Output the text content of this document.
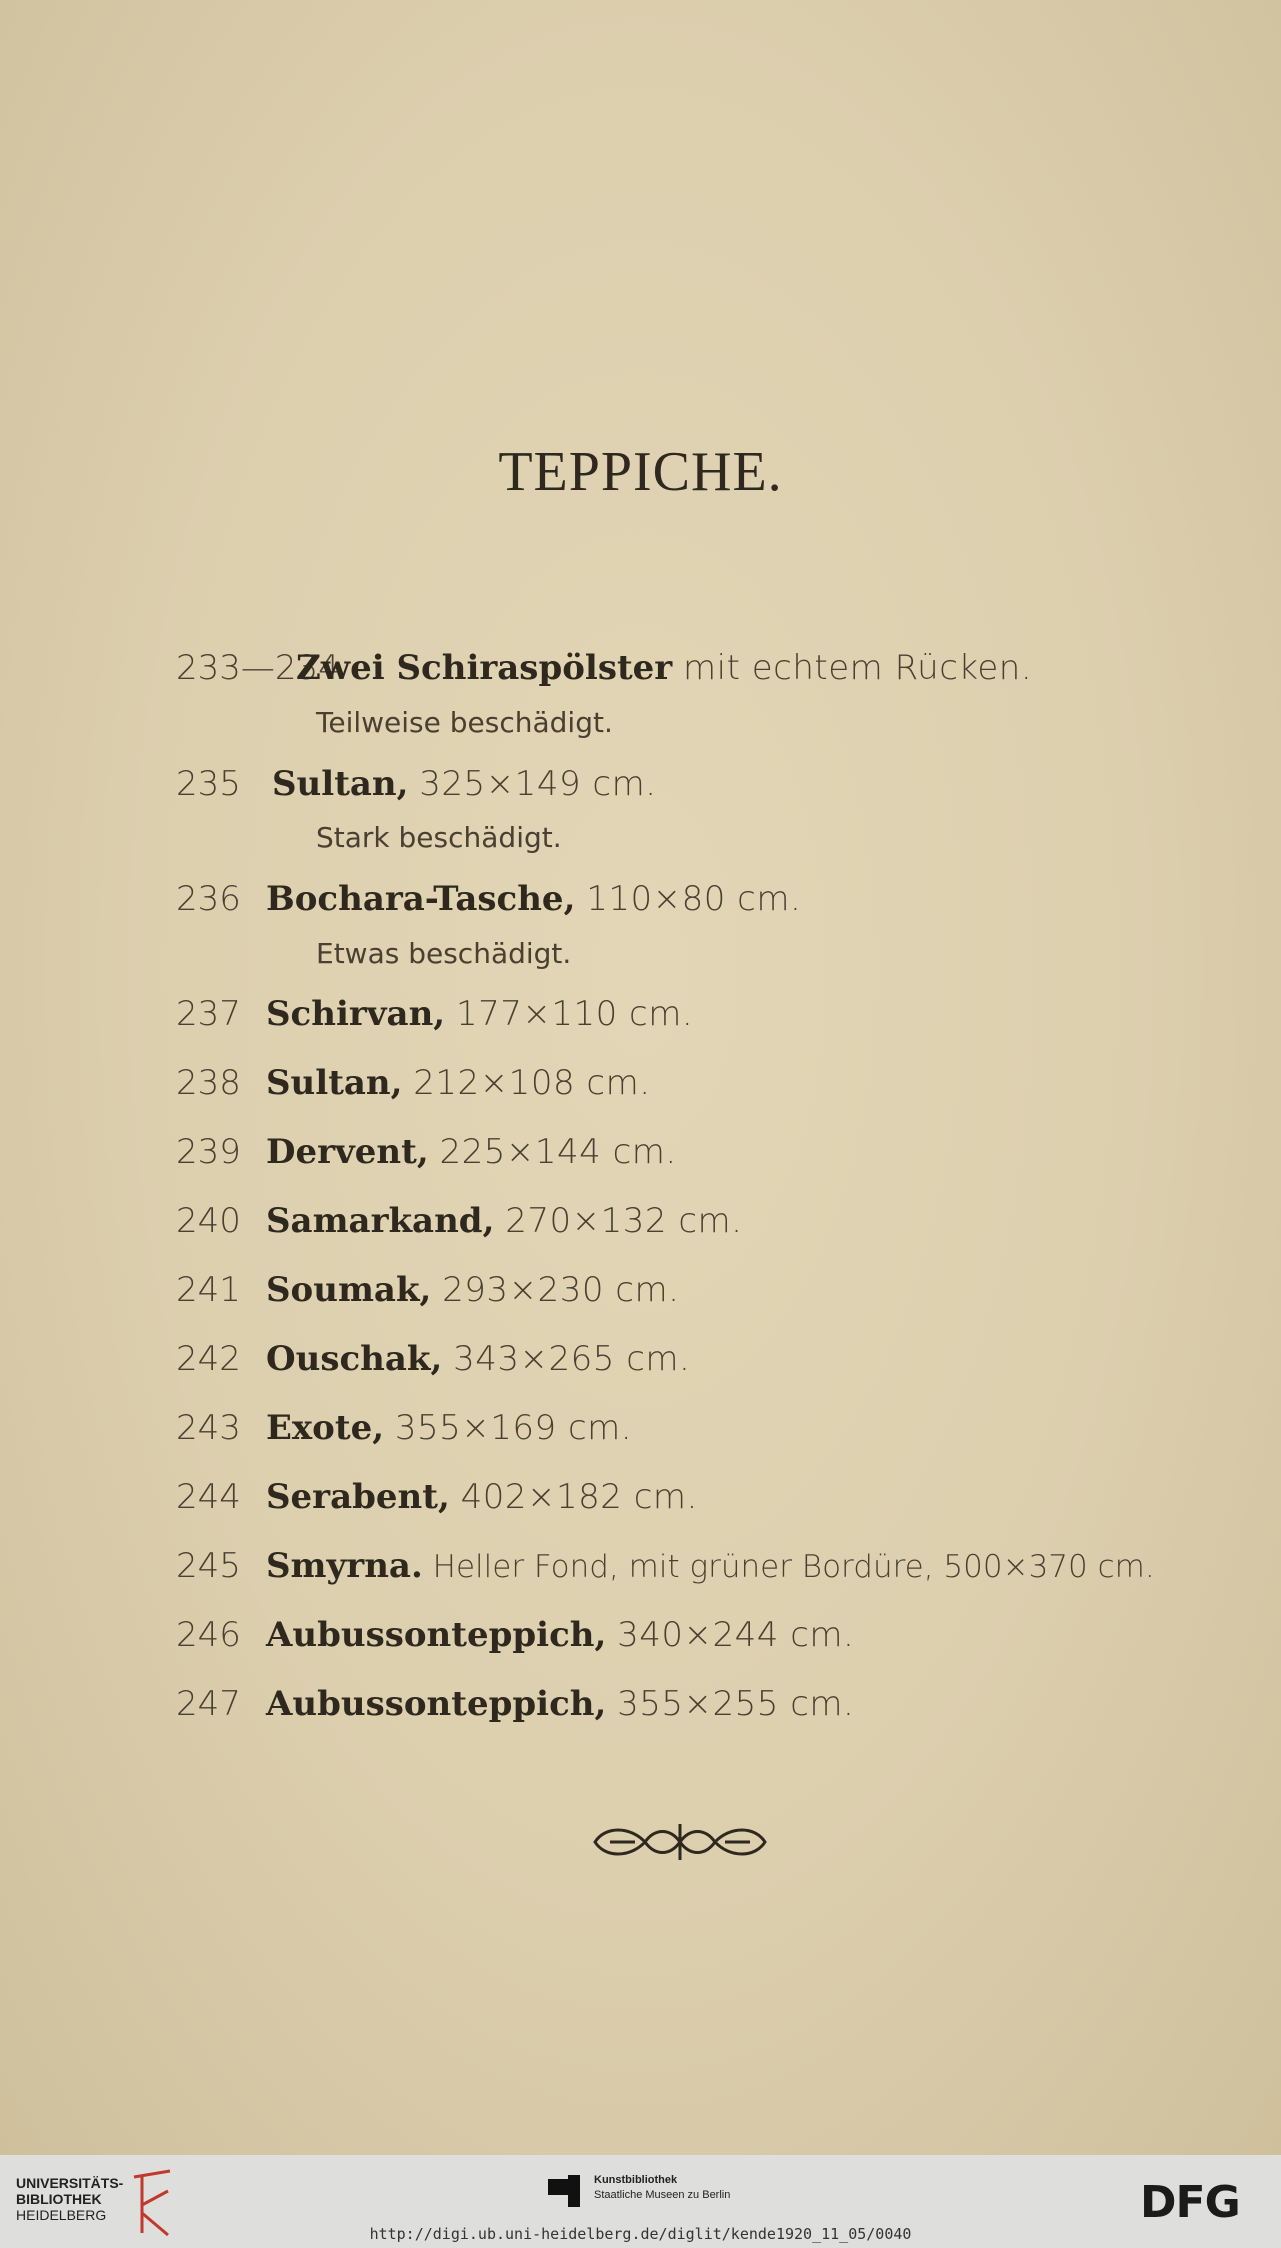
TEPPICHE.
233—234Zwei Schiraspölster mit echtem Rücken.
Teilweise beschädigt.
235 Sultan, 325×149 cm.
Stark beschädigt.
236 Bochara-Tasche, 110×80 cm.
Etwas beschädigt.
237 Schirvan, 177×110 cm.
238 Sultan, 212×108 cm.
239 Dervent, 225×144 cm.
240 Samarkand, 270×132 cm.
241 Soumak, 293×230 cm.
242 Ouschak, 343×265 cm.
243 Exote, 355×169 cm.
244 Serabent, 402×182 cm.
245 Smyrna. Heller Fond, mit grüner Bordüre, 500×370 cm.
246 Aubussonteppich, 340×244 cm.
247 Aubussonteppich, 355×255 cm.
UNIVERSITÄTS-
BIBLIOTHEK
HEIDELBERG
Kunstbibliothek
Staatliche Museen zu Berlin	DFG
http://digi.ub.uni-heidelberg.de/diglit/kende1920_11_05/0040
